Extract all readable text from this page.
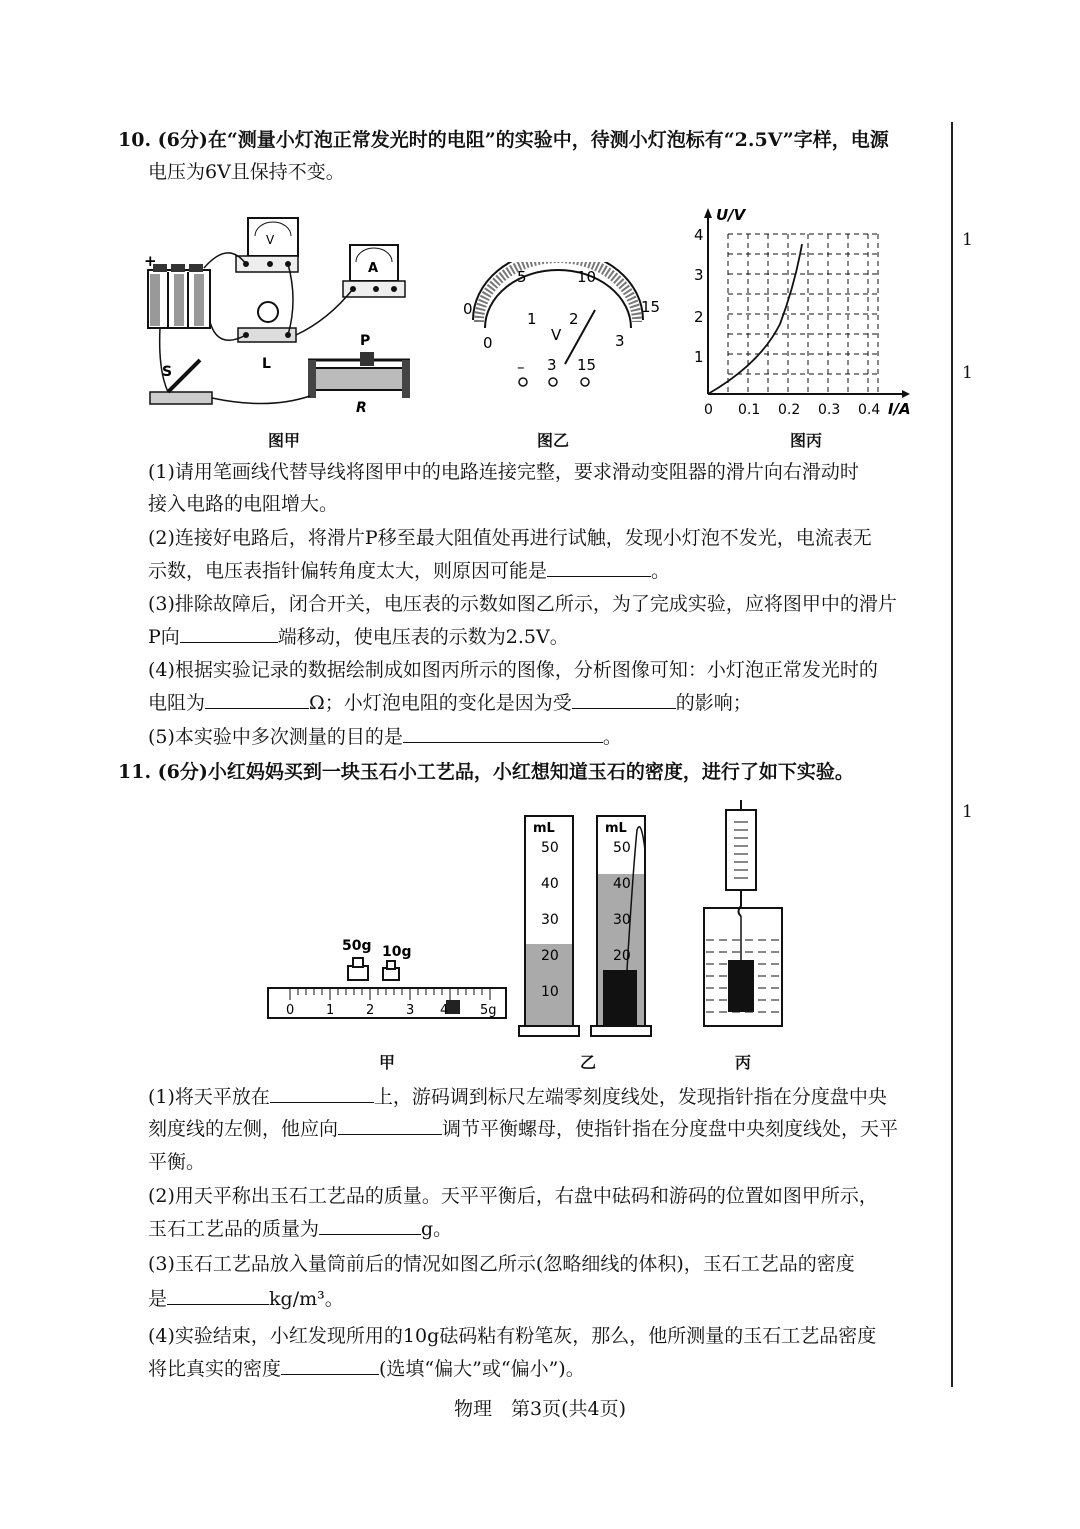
1
1
1
10. (6分)在“测量小灯泡正常发光时的电阻”的实验中，待测小灯泡标有“2.5V”字样，电源
电压为6V且保持不变。
+
V
A
L
P
R
S
图甲
0
5	10
15
0
1 2
3
V
– 3 15
图乙
U/V
I/A
4
3
2
1
0 0.1 0.2 0.3 0.4
图丙
(1)请用笔画线代替导线将图甲中的电路连接完整，要求滑动变阻器的滑片向右滑动时
接入电路的电阻增大。
(2)连接好电路后，将滑片P移至最大阻值处再进行试触，发现小灯泡不发光，电流表无
示数，电压表指针偏转角度太大，则原因可能是	。
(3)排除故障后，闭合开关，电压表的示数如图乙所示，为了完成实验，应将图甲中的滑片
P向	端移动，使电压表的示数为2.5V。
(4)根据实验记录的数据绘制成如图丙所示的图像，分析图像可知：小灯泡正常发光时的
电阻为	Ω；小灯泡电阻的变化是因为受	的影响；
(5)本实验中多次测量的目的是	。
11. (6分)小红妈妈买到一块玉石小工艺品，小红想知道玉石的密度，进行了如下实验。
50g 10g
0 1 2 3 4 5g
甲
mL
50
40
30
20
10
mL
50
40
30
20
乙	丙
(1)将天平放在	上，游码调到标尺左端零刻度线处，发现指针指在分度盘中央
刻度线的左侧，他应向	调节平衡螺母，使指针指在分度盘中央刻度线处，天平
平衡。
(2)用天平称出玉石工艺品的质量。天平平衡后，右盘中砝码和游码的位置如图甲所示，
玉石工艺品的质量为	g。
(3)玉石工艺品放入量筒前后的情况如图乙所示(忽略细线的体积)，玉石工艺品的密度
是	kg/m³。
(4)实验结束，小红发现所用的10g砝码粘有粉笔灰，那么，他所测量的玉石工艺品密度
将比真实的密度	(选填“偏大”或“偏小”)。
物理　第3页(共4页)
